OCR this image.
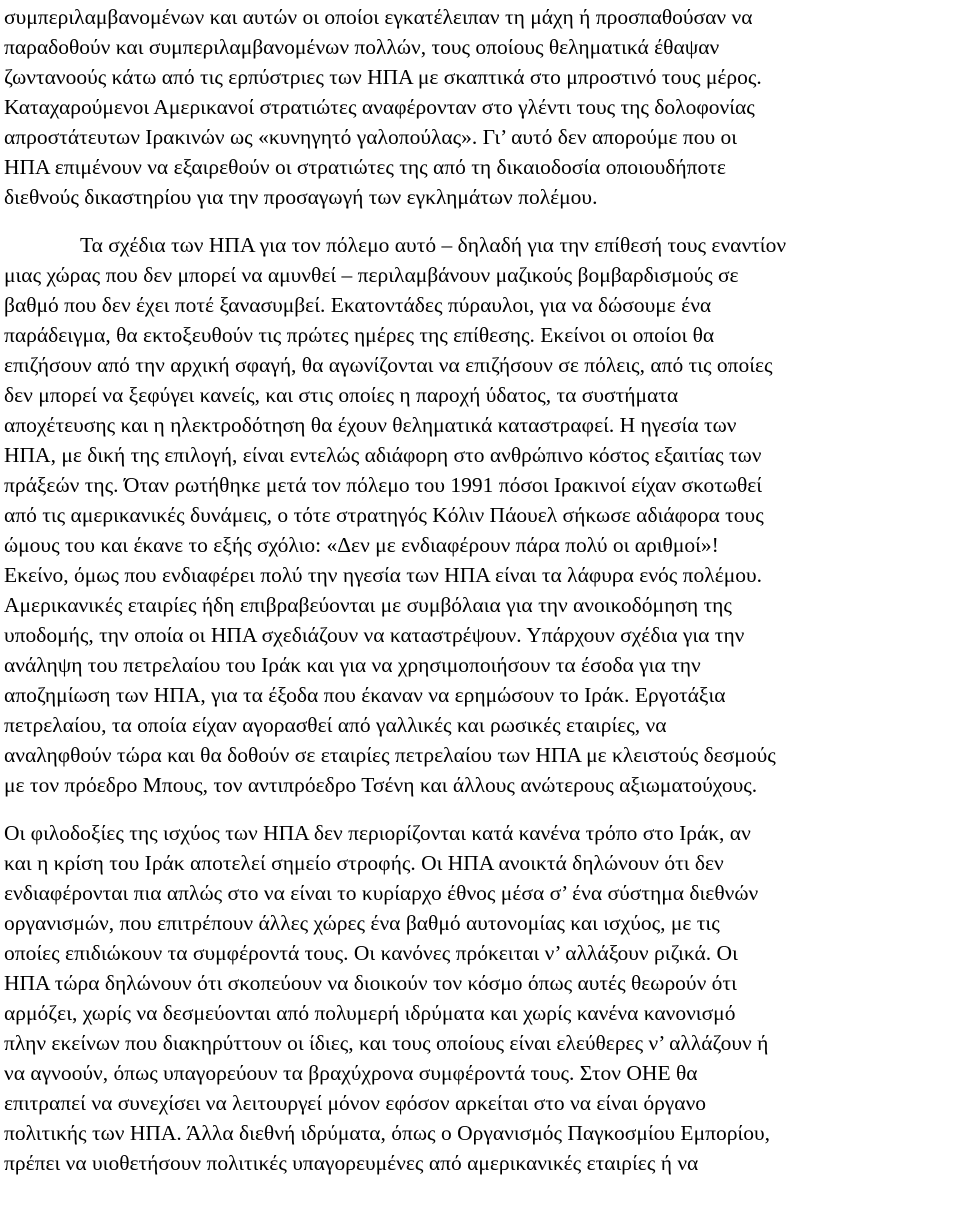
συμπεριλαμβανομένων και αυτών οι οποίοι εγκατέλειπαν τη μάχη ή προσπαθούσαν να
παραδοθούν και συμπεριλαμβανομένων πολλών, τους οποίους θεληματικά έθαψαν
ζωντανοούς κάτω από τις ερπύστριες των ΗΠΑ με σκαπτικά στο μπροστινό τους μέρος.
Καταχαρούμενοι Αμερικανοί στρατιώτες αναφέρονταν στο γλέντι τους της δολοφονίας
απροστάτευτων Ιρακινών ως «κυνηγητό γαλοπούλας». Γι’ αυτό δεν απορούμε που οι
ΗΠΑ επιμένουν να εξαιρεθούν οι στρατιώτες της από τη δικαιοδοσία οποιουδήποτε
διεθνούς δικαστηρίου για την προσαγωγή των εγκλημάτων πολέμου.
Τα σχέδια των ΗΠΑ για τον πόλεμο αυτό – δηλαδή για την επίθεσή τους εναντίον
μιας χώρας που δεν μπορεί να αμυνθεί – περιλαμβάνουν μαζικούς βομβαρδισμούς σε
βαθμό που δεν έχει ποτέ ξανασυμβεί. Εκατοντάδες πύραυλοι, για να δώσουμε ένα
παράδειγμα, θα εκτοξευθούν τις πρώτες ημέρες της επίθεσης. Εκείνοι οι οποίοι θα
επιζήσουν από την αρχική σφαγή, θα αγωνίζονται να επιζήσουν σε πόλεις, από τις οποίες
δεν μπορεί να ξεφύγει κανείς, και στις οποίες η παροχή ύδατος, τα συστήματα
αποχέτευσης και η ηλεκτροδότηση θα έχουν θεληματικά καταστραφεί. Η ηγεσία των
ΗΠΑ, με δική της επιλογή, είναι εντελώς αδιάφορη στο ανθρώπινο κόστος εξαιτίας των
πράξεών της. Όταν ρωτήθηκε μετά τον πόλεμο του 1991 πόσοι Ιρακινοί είχαν σκοτωθεί
από τις αμερικανικές δυνάμεις, ο τότε στρατηγός Κόλιν Πάουελ σήκωσε αδιάφορα τους
ώμους του και έκανε το εξής σχόλιο: «Δεν με ενδιαφέρουν πάρα πολύ οι αριθμοί»!
Εκείνο, όμως που ενδιαφέρει πολύ την ηγεσία των ΗΠΑ είναι τα λάφυρα ενός πολέμου.
Αμερικανικές εταιρίες ήδη επιβραβεύονται με συμβόλαια για την ανοικοδόμηση της
υποδομής, την οποία οι ΗΠΑ σχεδιάζουν να καταστρέψουν. Υπάρχουν σχέδια για την
ανάληψη του πετρελαίου του Ιράκ και για να χρησιμοποιήσουν τα έσοδα για την
αποζημίωση των ΗΠΑ, για τα έξοδα που έκαναν να ερημώσουν το Ιράκ. Εργοτάξια
πετρελαίου, τα οποία είχαν αγορασθεί από γαλλικές και ρωσικές εταιρίες, να
αναληφθούν τώρα και θα δοθούν σε εταιρίες πετρελαίου των ΗΠΑ με κλειστούς δεσμούς
με τον πρόεδρο Μπους, τον αντιπρόεδρο Τσένη και άλλους ανώτερους αξιωματούχους.
Οι φιλοδοξίες της ισχύος των ΗΠΑ δεν περιορίζονται κατά κανένα τρόπο στο Ιράκ, αν
και η κρίση του Ιράκ αποτελεί σημείο στροφής. Οι ΗΠΑ ανοικτά δηλώνουν ότι δεν
ενδιαφέρονται πια απλώς στο να είναι το κυρίαρχο έθνος μέσα σ’ ένα σύστημα διεθνών
οργανισμών, που επιτρέπουν άλλες χώρες ένα βαθμό αυτονομίας και ισχύος, με τις
οποίες επιδιώκουν τα συμφέροντά τους. Οι κανόνες πρόκειται ν’ αλλάξουν ριζικά. Οι
ΗΠΑ τώρα δηλώνουν ότι σκοπεύουν να διοικούν τον κόσμο όπως αυτές θεωρούν ότι
αρμόζει, χωρίς να δεσμεύονται από πολυμερή ιδρύματα και χωρίς κανένα κανονισμό
πλην εκείνων που διακηρύττουν οι ίδιες, και τους οποίους είναι ελεύθερες ν’ αλλάζουν ή
να αγνοούν, όπως υπαγορεύουν τα βραχύχρονα συμφέροντά τους. Στον ΟΗΕ θα
επιτραπεί να συνεχίσει να λειτουργεί μόνον εφόσον αρκείται στο να είναι όργανο
πολιτικής των ΗΠΑ. Άλλα διεθνή ιδρύματα, όπως ο Οργανισμός Παγκοσμίου Εμπορίου,
πρέπει να υιοθετήσουν πολιτικές υπαγορευμένες από αμερικανικές εταιρίες ή να
